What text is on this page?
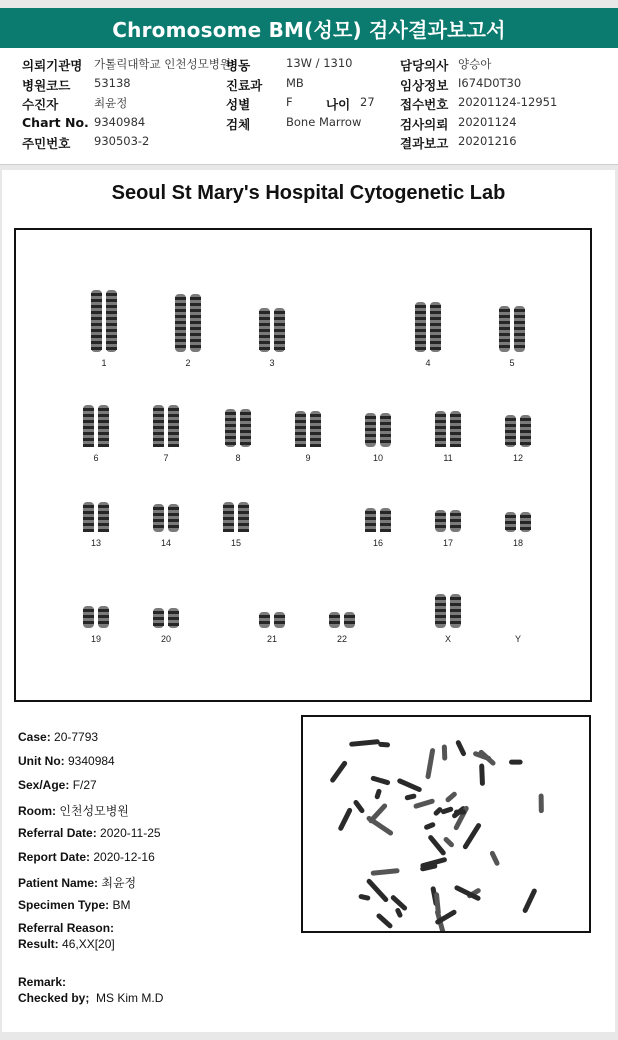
Chromosome BM(성모) 검사결과보고서
의뢰기관명 가톨릭대학교 인천성모병원
병동	13W / 1310	담당의사 양승아
병원코드 53138	진료과 MB	임상정보 I674D0T30
수진자	최윤정	성별	F	나이 27 접수번호 20201124-12951
Chart No. 9340984	검체	Bone Marrow	검사의뢰 20201124
주민번호 930503-2	결과보고 20201216
Seoul St Mary's Hospital Cytogenetic Lab
1	2	3	4	5
6	7	8	9	10	11	12
13	14	15	16	17	18
19	20	21	22	X	Y
Case: 20-7793
Unit No: 9340984
Sex/Age: F/27
Room: 인천성모병원
Referral Date: 2020-11-25
Report Date: 2020-12-16
Patient Name: 최윤정
Specimen Type: BM
Referral Reason:
Result: 46,XX[20]
Remark:
Checked by; MS Kim M.D
